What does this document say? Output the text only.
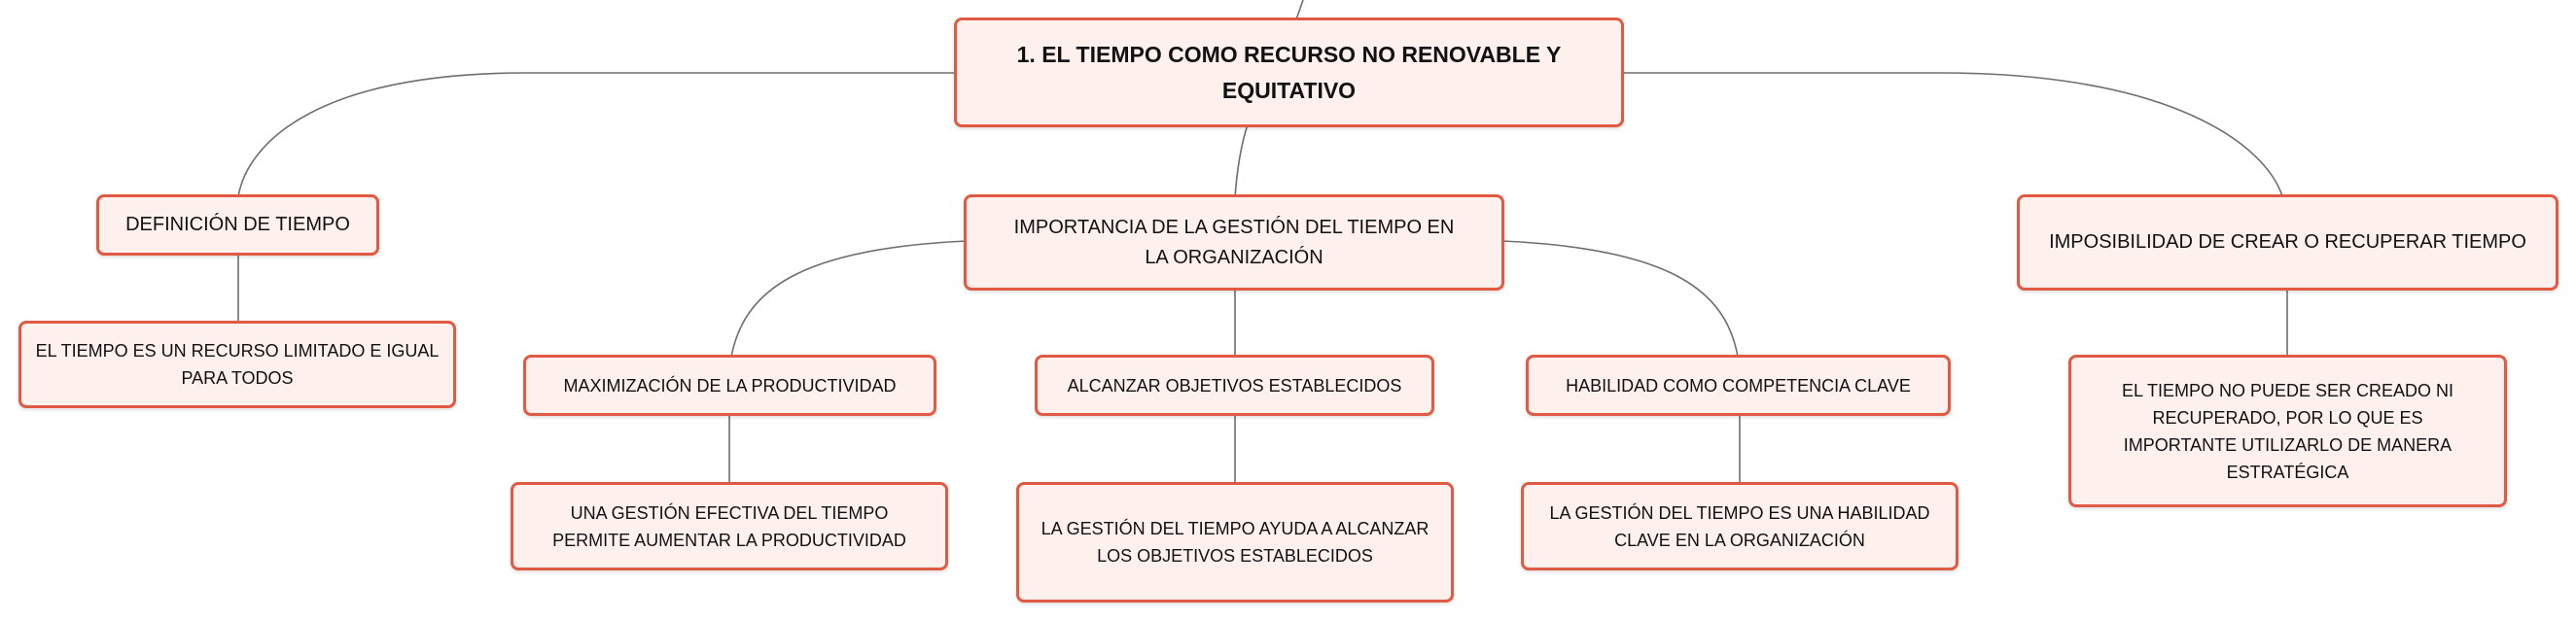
1. EL TIEMPO COMO RECURSO NO RENOVABLE Y EQUITATIVO
DEFINICIÓN DE TIEMPO	IMPORTANCIA DE LA GESTIÓN DEL TIEMPO EN LA ORGANIZACIÓN
IMPOSIBILIDAD DE CREAR O RECUPERAR TIEMPO
EL TIEMPO ES UN RECURSO LIMITADO E IGUAL PARA TODOS
EL TIEMPO NO PUEDE SER CREADO NI RECUPERADO, POR LO QUE ES IMPORTANTE UTILIZARLO DE MANERA ESTRATÉGICA
MAXIMIZACIÓN DE LA PRODUCTIVIDAD	ALCANZAR OBJETIVOS ESTABLECIDOS	HABILIDAD COMO COMPETENCIA CLAVE
UNA GESTIÓN EFECTIVA DEL TIEMPO PERMITE AUMENTAR LA PRODUCTIVIDAD
LA GESTIÓN DEL TIEMPO AYUDA A ALCANZAR LOS OBJETIVOS ESTABLECIDOS
LA GESTIÓN DEL TIEMPO ES UNA HABILIDAD CLAVE EN LA ORGANIZACIÓN
